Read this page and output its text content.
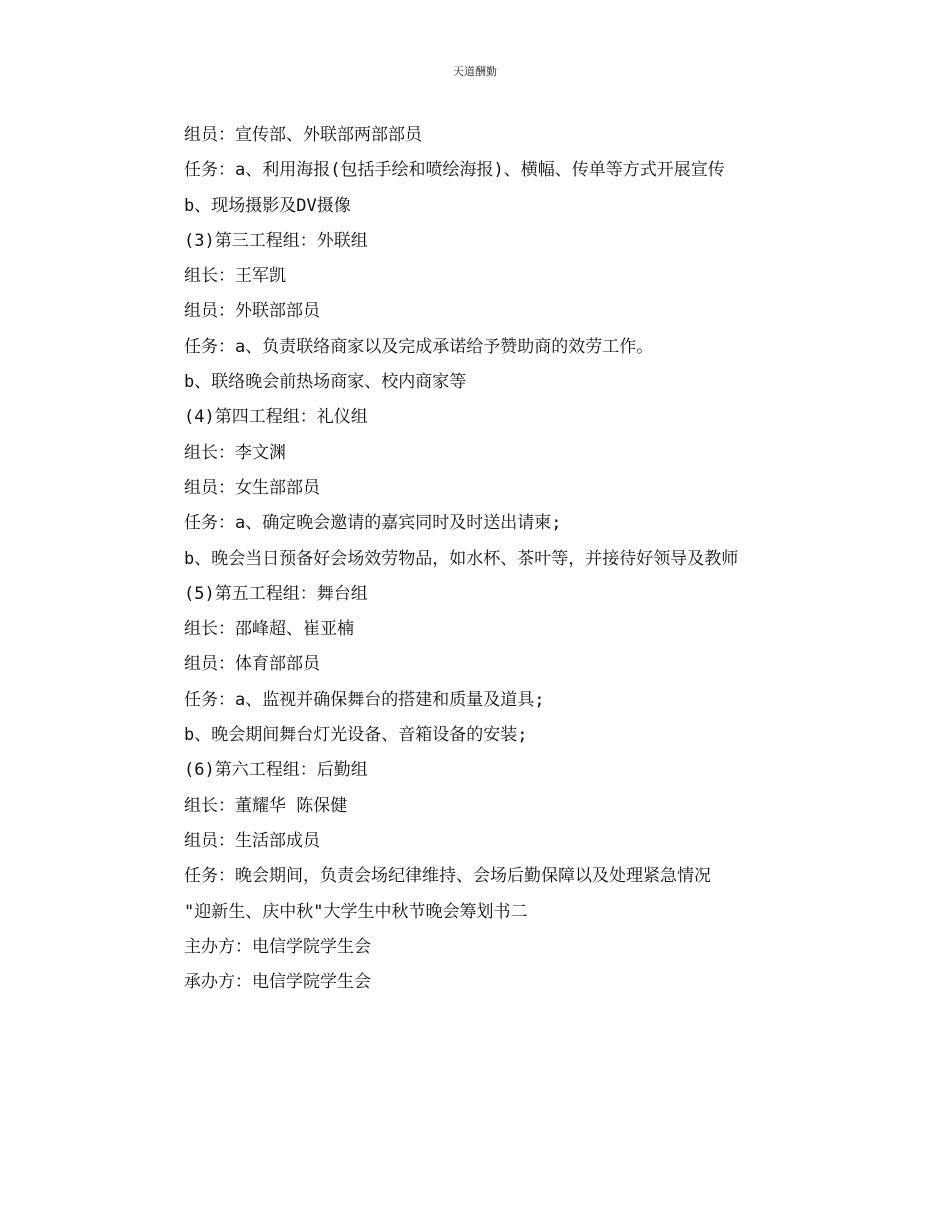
天道酬勤
组员：宣传部、外联部两部部员
任务：a、利用海报(包括手绘和喷绘海报)、横幅、传单等方式开展宣传
b、现场摄影及DV摄像
(3)第三工程组：外联组
组长：王军凯
组员：外联部部员
任务：a、负责联络商家以及完成承诺给予赞助商的效劳工作。
b、联络晚会前热场商家、校内商家等
(4)第四工程组：礼仪组
组长：李文渊
组员：女生部部员
任务：a、确定晚会邀请的嘉宾同时及时送出请柬;
b、晚会当日预备好会场效劳物品，如水杯、茶叶等，并接待好领导及教师
(5)第五工程组：舞台组
组长：邵峰超、崔亚楠
组员：体育部部员
任务：a、监视并确保舞台的搭建和质量及道具;
b、晚会期间舞台灯光设备、音箱设备的安装;
(6)第六工程组：后勤组
组长：董耀华 陈保健
组员：生活部成员
任务：晚会期间，负责会场纪律维持、会场后勤保障以及处理紧急情况
"迎新生、庆中秋"大学生中秋节晚会筹划书二
主办方：电信学院学生会
承办方：电信学院学生会
